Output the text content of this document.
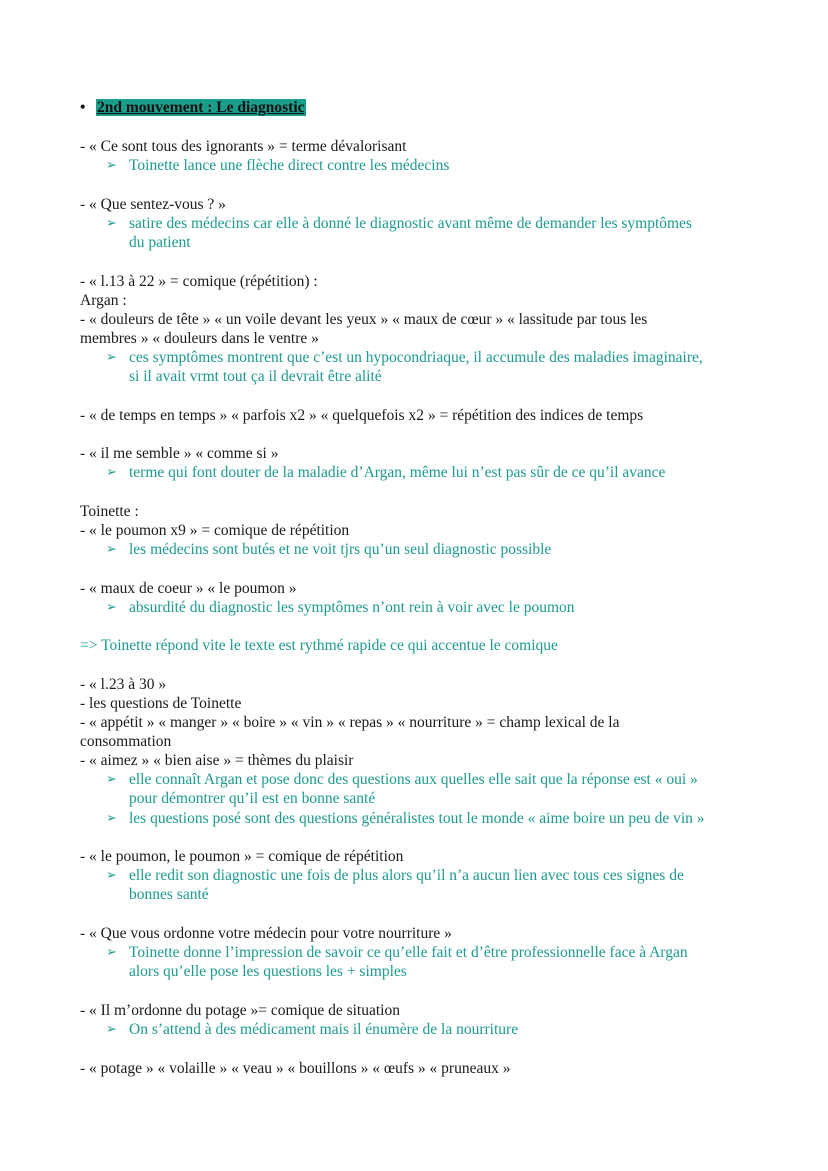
• 2nd mouvement : Le diagnostic
- « Ce sont tous des ignorants » = terme dévalorisant
➢ Toinette lance une flèche direct contre les médecins
- « Que sentez-vous ? »
➢ satire des médecins car elle à donné le diagnostic avant même de demander les symptômes
du patient
- « l.13 à 22 » = comique (répétition) :
Argan :
- « douleurs de tête » « un voile devant les yeux » « maux de cœur » « lassitude par tous les
membres » « douleurs dans le ventre »
➢ ces symptômes montrent que c’est un hypocondriaque, il accumule des maladies imaginaire,
si il avait vrmt tout ça il devrait être alité
- « de temps en temps » « parfois x2 » « quelquefois x2 » = répétition des indices de temps
- « il me semble » « comme si »
➢ terme qui font douter de la maladie d’Argan, même lui n’est pas sûr de ce qu’il avance
Toinette :
- « le poumon x9 » = comique de répétition
➢ les médecins sont butés et ne voit tjrs qu’un seul diagnostic possible
- « maux de coeur » « le poumon »
➢ absurdité du diagnostic les symptômes n’ont rein à voir avec le poumon
=> Toinette répond vite le texte est rythmé rapide ce qui accentue le comique
- « l.23 à 30 »
- les questions de Toinette
- « appétit » « manger » « boire » « vin » « repas » « nourriture » = champ lexical de la
consommation
- « aimez » « bien aise » = thèmes du plaisir
➢ elle connaît Argan et pose donc des questions aux quelles elle sait que la réponse est « oui »
pour démontrer qu’il est en bonne santé
➢ les questions posé sont des questions généralistes tout le monde « aime boire un peu de vin »
- « le poumon, le poumon » = comique de répétition
➢ elle redit son diagnostic une fois de plus alors qu’il n’a aucun lien avec tous ces signes de
bonnes santé
- « Que vous ordonne votre médecin pour votre nourriture »
➢ Toinette donne l’impression de savoir ce qu’elle fait et d’être professionnelle face à Argan
alors qu’elle pose les questions les + simples
- « Il m’ordonne du potage »= comique de situation
➢ On s’attend à des médicament mais il énumère de la nourriture
- « potage » « volaille » « veau » « bouillons » « œufs » « pruneaux »
